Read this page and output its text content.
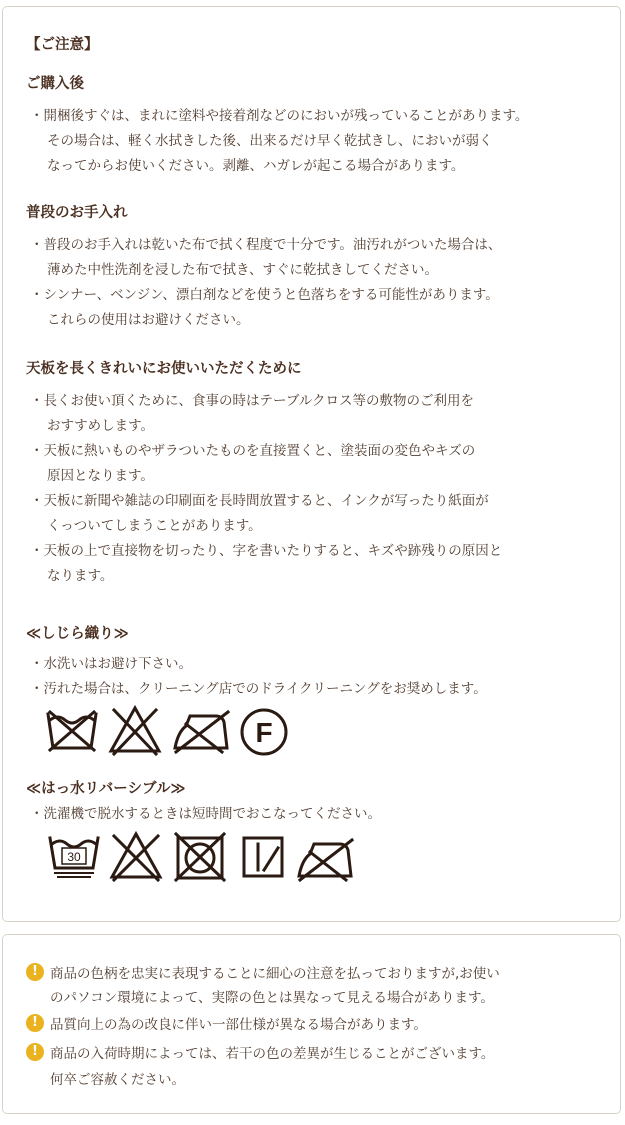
【ご注意】
ご購入後
・開梱後すぐは、まれに塗料や接着剤などのにおいが残っていることがあります。
その場合は、軽く水拭きした後、出来るだけ早く乾拭きし、においが弱く
なってからお使いください。剥離、ハガレが起こる場合があります。
普段のお手入れ
・普段のお手入れは乾いた布で拭く程度で十分です。油汚れがついた場合は、
薄めた中性洗剤を浸した布で拭き、すぐに乾拭きしてください。
・シンナー、ベンジン、漂白剤などを使うと色落ちをする可能性があります。
これらの使用はお避けください。
天板を長くきれいにお使いいただくために
・長くお使い頂くために、食事の時はテーブルクロス等の敷物のご利用を
おすすめします。
・天板に熱いものやザラついたものを直接置くと、塗装面の変色やキズの
原因となります。
・天板に新聞や雑誌の印刷面を長時間放置すると、インクが写ったり紙面が
くっついてしまうことがあります。
・天板の上で直接物を切ったり、字を書いたりすると、キズや跡残りの原因と
なります。
≪しじら織り≫
・水洗いはお避け下さい。
・汚れた場合は、クリーニング店でのドライクリーニングをお奨めします。
F
≪はっ水リバーシブル≫
・洗濯機で脱水するときは短時間でおこなってください。
30
! 商品の色柄を忠実に表現することに細心の注意を払っておりますが,お使い
のパソコン環境によって、実際の色とは異なって見える場合があります。
! 品質向上の為の改良に伴い一部仕様が異なる場合があります。
! 商品の入荷時期によっては、若干の色の差異が生じることがございます。
何卒ご容赦ください。
